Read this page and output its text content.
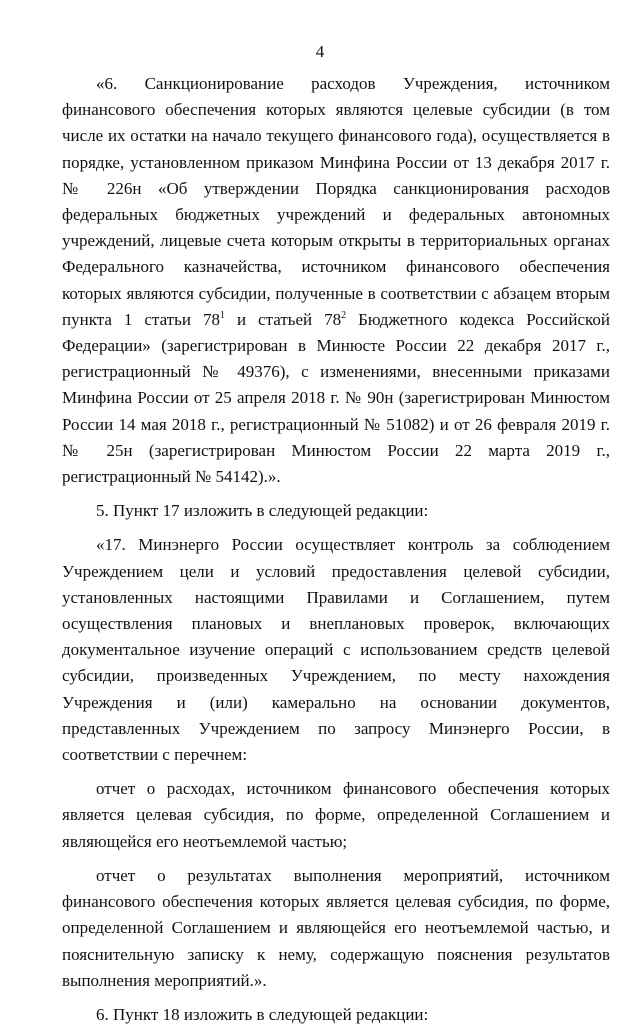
4

«6. Санкционирование расходов Учреждения, источником финансового обеспечения которых являются целевые субсидии (в том числе их остатки на начало текущего финансового года), осуществляется в порядке, установленном приказом Минфина России от 13 декабря 2017 г. № 226н «Об утверждении Порядка санкционирования расходов федеральных бюджетных учреждений и федеральных автономных учреждений, лицевые счета которым открыты в территориальных органах Федерального казначейства, источником финансового обеспечения которых являются субсидии, полученные в соответствии с абзацем вторым пункта 1 статьи $78^1$ и статьей $78^2$ Бюджетного кодекса Российской Федерации» (зарегистрирован в Минюсте России 22 декабря 2017 г., регистрационный № 49376), с изменениями, внесенными приказами Минфина России от 25 апреля 2018 г. № 90н (зарегистрирован Минюстом России 14 мая 2018 г., регистрационный № 51082) и от 26 февраля 2019 г. № 25н (зарегистрирован Минюстом России 22 марта 2019 г., регистрационный № 54142).».

5. Пункт 17 изложить в следующей редакции:

«17. Минэнерго России осуществляет контроль за соблюдением Учреждением цели и условий предоставления целевой субсидии, установленных настоящими Правилами и Соглашением, путем осуществления плановых и внеплановых проверок, включающих документальное изучение операций с использованием средств целевой субсидии, произведенных Учреждением, по месту нахождения Учреждения и (или) камерально на основании документов, представленных Учреждением по запросу Минэнерго России, в соответствии с перечнем:

отчет о расходах, источником финансового обеспечения которых является целевая субсидия, по форме, определенной Соглашением и являющейся его неотъемлемой частью;

отчет о результатах выполнения мероприятий, источником финансового обеспечения которых является целевая субсидия, по форме, определенной Соглашением и являющейся его неотъемлемой частью, и пояснительную записку к нему, содержащую пояснения результатов выполнения мероприятий.».

6. Пункт 18 изложить в следующей редакции:
